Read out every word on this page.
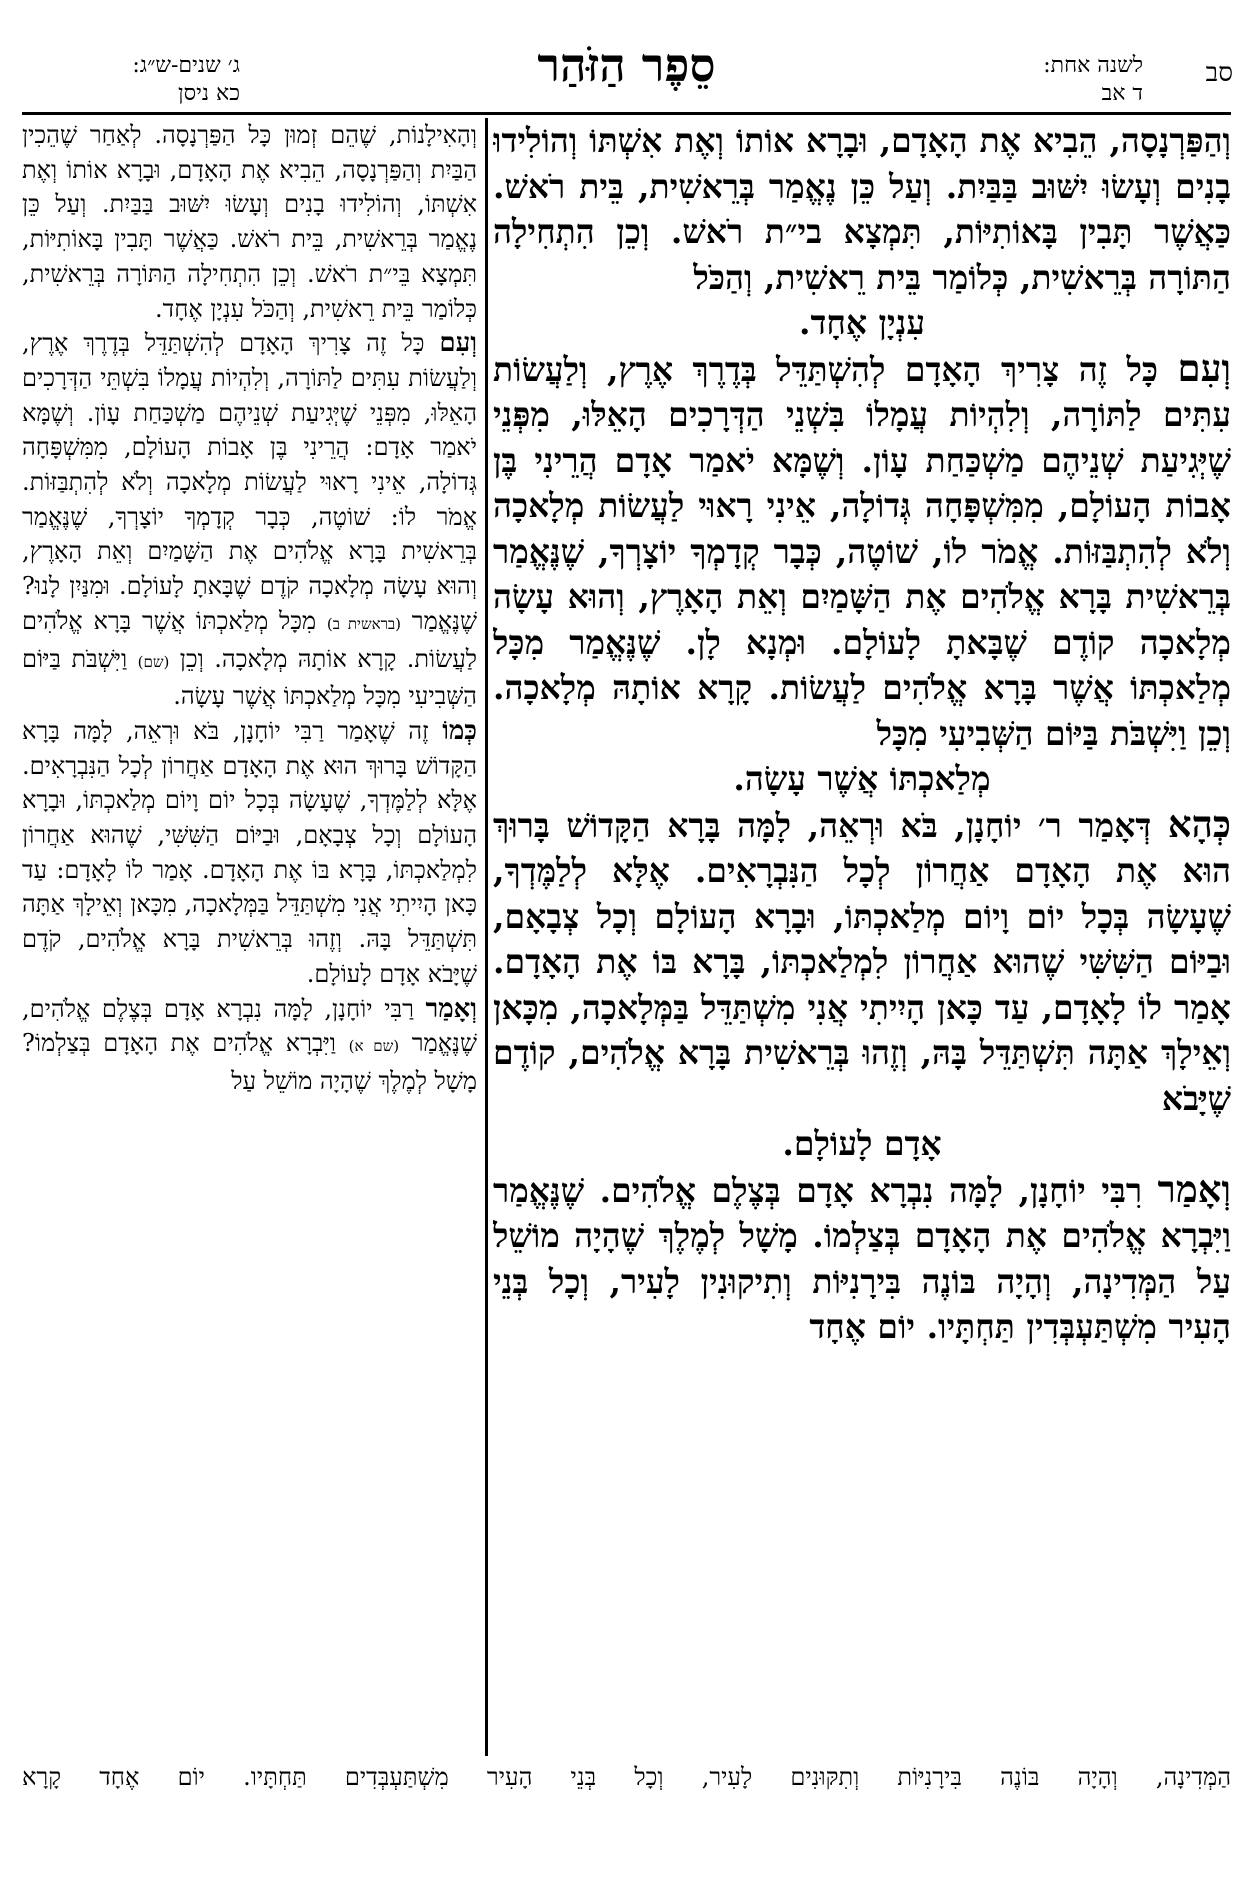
סב
לשנה אחת:
ד אב
סֵפֶר הַזֹּהַר
ג׳ שנים-ש״ג:
כא ניסן

וְהַפַּרְנָסָה, הֵבִיא אֶת הָאָדָם, וּבָרָא אוֹתוֹ וְאֶת אִשְׁתּוֹ וְהוֹלִידוּ בָנִים וְעָשׂוּ יִשּׁוּב בַּבַּיִת. וְעַל כֵּן נֶאֱמַר בְּרֵאשִׁית, בֵּית רֹאשׁ. כַּאֲשֶׁר תָּבִין בָּאוֹתִיּוֹת, תִּמְצָא בי״ת רֹאשׁ. וְכֵן הִתְחִילָה הַתּוֹרָה בְּרֵאשִׁית, כְּלוֹמַר בֵּית רֵאשִׁית, וְהַכֹּל

עִנְיָן אֶחָד.

וְעִם כָּל זֶה צָרִיךְ הָאָדָם לְהִשְׁתַּדֵּל בְּדֶרֶךְ אֶרֶץ, וְלַעֲשׂוֹת עִתִּים לַתּוֹרָה, וְלִהְיוֹת עֲמָלוֹ בִּשְׁנֵי הַדְּרָכִים הָאֵלּוּ, מִפְּנֵי שֶׁיְּגִיעַת שְׁנֵיהֶם מַשְׁכַּחַת עָוֹן. וְשֶׁמָּא יֹאמַר אָדָם הֲרֵינִי בֶּן אָבוֹת הָעוֹלָם, מִמִּשְׁפָּחָה גְּדוֹלָה, אֵינִי רָאוּי לַעֲשׂוֹת מְלָאכָה וְלֹא לְהִתְבַּזּוֹת. אֱמֹר לוֹ, שׁוֹטֶה, כְּבָר קְדָמְךָ יוֹצָרְךָ, שֶׁנֶּאֱמַר בְּרֵאשִׁית בָּרָא אֱלֹהִים אֶת הַשָּׁמַיִם וְאֵת הָאָרֶץ, וְהוּא עָשָׂה מְלָאכָה קוֹדֶם שֶׁבָּאתָ לָעוֹלָם. וּמְנָא לָן. שֶׁנֶּאֱמַר מִכָּל מְלַאכְתּוֹ אֲשֶׁר בָּרָא אֱלֹהִים לַעֲשׂוֹת. קָרָא אוֹתָהּ מְלָאכָה. וְכֵן וַיִּשְׁבֹּת בַּיּוֹם הַשְּׁבִיעִי מִכָּל

מְלַאכְתּוֹ אֲשֶׁר עָשָׂה.

כְּהָא דְּאָמַר ר׳ יוֹחָנָן, בֹּא וּרְאֵה, לָמָּה בָּרָא הַקָּדוֹשׁ בָּרוּךְ הוּא אֶת הָאָדָם אַחֲרוֹן לְכָל הַנִּבְרָאִים. אֶלָּא לְלַמֶּדְךָ, שֶׁעָשָׂה בְּכָל יוֹם וָיוֹם מְלַאכְתּוֹ, וּבָרָא הָעוֹלָם וְכָל צְבָאָם, וּבַיּוֹם הַשִּׁשִּׁי שֶׁהוּא אַחֲרוֹן לִמְלַאכְתּוֹ, בָּרָא בּוֹ אֶת הָאָדָם. אָמַר לוֹ לָאָדָם, עַד כָּאן הָיִיתִי אֲנִי מִשְׁתַּדֵּל בַּמְּלָאכָה, מִכָּאן וְאֵילָךְ אַתָּה תִּשְׁתַּדֵּל בָּהּ, וְזֶהוּ בְּרֵאשִׁית בָּרָא אֱלֹהִים, קוֹדֶם שֶׁיָּבֹא

אָדָם לָעוֹלָם.

וְאָמַר רִבִּי יוֹחָנָן, לָמָּה נִבְרָא אָדָם בְּצֶלֶם אֱלֹהִים. שֶׁנֶּאֱמַר וַיִּבְרָא אֱלֹהִים אֶת הָאָדָם בְּצַלְמוֹ. מָשָׁל לְמֶלֶךְ שֶׁהָיָה מוֹשֵׁל עַל הַמְּדִינָה, וְהָיָה בּוֹנֶה בִּירָנִיּוֹת וְתִיקוּנִין לָעִיר, וְכָל בְּנֵי הָעִיר מִשְׁתַּעְבְּדִין תַּחְתָּיו. יוֹם אֶחָד

וְהָאִילָנוֹת, שֶׁהֵם זְמוּן כָּל הַפַּרְנָסָה. לְאַחַר שֶׁהֵכִין הַבַּיִת וְהַפַּרְנָסָה, הֵבִיא אֶת הָאָדָם, וּבָרָא אוֹתוֹ וְאֶת אִשְׁתּוֹ, וְהוֹלִידוּ בָנִים וְעָשׂוּ יִשּׁוּב בַּבַּיִת. וְעַל כֵּן נֶאֱמַר בְּרֵאשִׁית, בֵּית רֹאשׁ. כַּאֲשֶׁר תָּבִין בָּאוֹתִיּוֹת, תִּמְצָא בֵּי״ת רֹאשׁ. וְכֵן הִתְחִילָה הַתּוֹרָה בְּרֵאשִׁית, כְּלוֹמַר בֵּית רֵאשִׁית, וְהַכֹּל עִנְיָן אֶחָד.

וְעִם כָּל זֶה צָרִיךְ הָאָדָם לְהִשְׁתַּדֵּל בְּדֶרֶךְ אֶרֶץ, וְלַעֲשׂוֹת עִתִּים לַתּוֹרָה, וְלִהְיוֹת עֲמָלוֹ בִּשְׁתֵּי הַדְּרָכִים הָאֵלּוּ, מִפְּנֵי שֶׁיְּגִיעַת שְׁנֵיהֶם מַשְׁכַּחַת עָוֹן. וְשֶׁמָּא יֹאמַר אָדָם: הֲרֵינִי בֶּן אָבוֹת הָעוֹלָם, מִמִּשְׁפָּחָה גְּדוֹלָה, אֵינִי רָאוּי לַעֲשׂוֹת מְלָאכָה וְלֹא לְהִתְבַּזּוֹת. אֱמֹר לוֹ: שׁוֹטֶה, כְּבָר קְדָמְךָ יוֹצָרְךָ, שֶׁנֶּאֱמַר בְּרֵאשִׁית בָּרָא אֱלֹהִים אֶת הַשָּׁמַיִם וְאֵת הָאָרֶץ, וְהוּא עָשָׂה מְלָאכָה קֹדֶם שֶׁבָּאתָ לָעוֹלָם. וּמִנַּיִן לָנוּ? שֶׁנֶּאֱמַר (בראשית ב) מִכָּל מְלַאכְתּוֹ אֲשֶׁר בָּרָא אֱלֹהִים לַעֲשׂוֹת. קָרָא אוֹתָהּ מְלָאכָה. וְכֵן (שם) וַיִּשְׁבֹּת בַּיּוֹם הַשְּׁבִיעִי מִכָּל מְלַאכְתּוֹ אֲשֶׁר עָשָׂה.

כְּמוֹ זֶה שֶׁאָמַר רַבִּי יוֹחָנָן, בֹּא וּרְאֵה, לָמָּה בָּרָא הַקָּדוֹשׁ בָּרוּךְ הוּא אֶת הָאָדָם אַחֲרוֹן לְכָל הַנִּבְרָאִים. אֶלָּא לְלַמֶּדְךָ, שֶׁעָשָׂה בְּכָל יוֹם וָיוֹם מְלַאכְתּוֹ, וּבָרָא הָעוֹלָם וְכָל צְבָאָם, וּבַיּוֹם הַשִּׁשִּׁי, שֶׁהוּא אַחֲרוֹן לִמְלַאכְתּוֹ, בָּרָא בּוֹ אֶת הָאָדָם. אָמַר לוֹ לָאָדָם: עַד כָּאן הָיִיתִי אֲנִי מִשְׁתַּדֵּל בַּמְּלָאכָה, מִכָּאן וְאֵילָךְ אַתָּה תִּשְׁתַּדֵּל בָּהּ. וְזֶהוּ בְּרֵאשִׁית בָּרָא אֱלֹהִים, קֹדֶם שֶׁיָּבֹא אָדָם לָעוֹלָם.

וְאָמַר רַבִּי יוֹחָנָן, לָמָּה נִבְרָא אָדָם בְּצֶלֶם אֱלֹהִים, שֶׁנֶּאֱמַר (שם א) וַיִּבְרָא אֱלֹהִים אֶת הָאָדָם בְּצַלְמוֹ? מָשָׁל לְמֶלֶךְ שֶׁהָיָה מוֹשֵׁל עַל

הַמְּדִינָה, וְהָיָה בּוֹנֶה בִּירָנִיּוֹת וְתִקּוּנִים לָעִיר, וְכָל בְּנֵי הָעִיר מִשְׁתַּעְבְּדִים תַּחְתָּיו. יוֹם אֶחָד קָרָא
